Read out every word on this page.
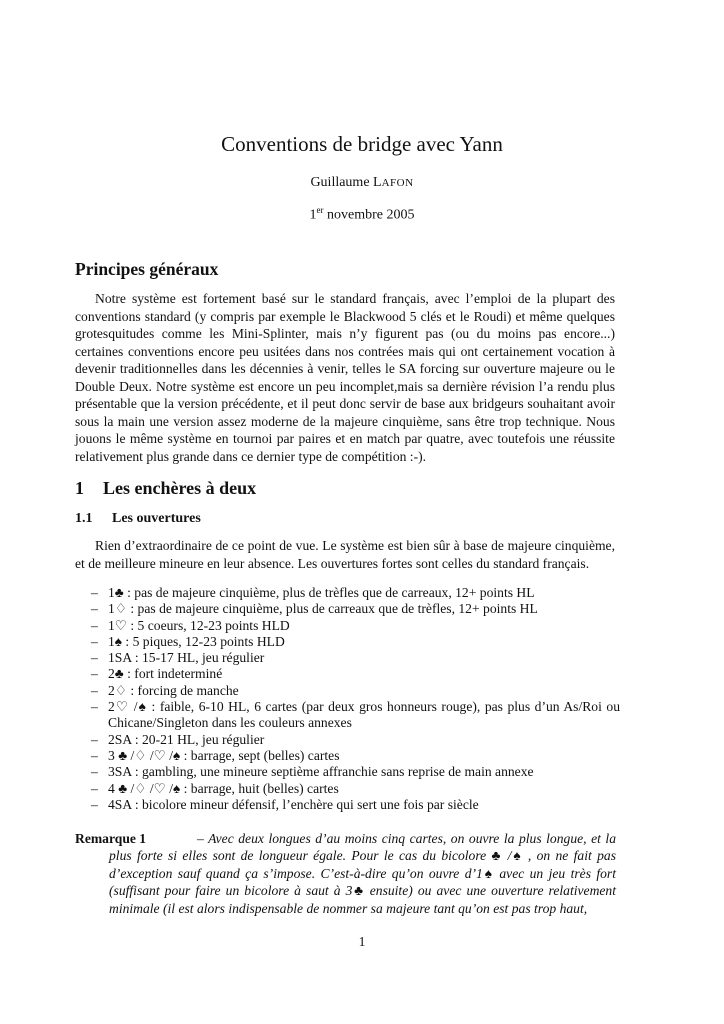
Conventions de bridge avec Yann
Guillaume LAFON
1er novembre 2005
Principes généraux

Notre système est fortement basé sur le standard français, avec l’emploi de la plupart des conventions standard (y compris par exemple le Blackwood 5 clés et le Roudi) et même quelques grotesquitudes comme les Mini-Splinter, mais n’y figurent pas (ou du moins pas encore...) certaines conventions encore peu usitées dans nos contrées mais qui ont certainement vocation à devenir traditionnelles dans les décennies à venir, telles le SA forcing sur ouverture majeure ou le Double Deux. Notre système est encore un peu incomplet,mais sa dernière révision l’a rendu plus présentable que la version précédente, et il peut donc servir de base aux bridgeurs souhaitant avoir sous la main une version assez moderne de la majeure cinquième, sans être trop technique. Nous jouons le même système en tournoi par paires et en match par quatre, avec toutefois une réussite relativement plus grande dans ce dernier type de compétition :-).

1 Les enchères à deux
1.1 Les ouvertures

Rien d’extraordinaire de ce point de vue. Le système est bien sûr à base de majeure cinquième, et de meilleure mineure en leur absence. Les ouvertures fortes sont celles du standard français.

– 1♣ : pas de majeure cinquième, plus de trèfles que de carreaux, 12+ points HL
– 1♢ : pas de majeure cinquième, plus de carreaux que de trèfles, 12+ points HL
– 1♡ : 5 coeurs, 12-23 points HLD
– 1♠ : 5 piques, 12-23 points HLD
– 1SA : 15-17 HL, jeu régulier
– 2♣ : fort indeterminé
– 2♢ : forcing de manche
– 2♡ /♠ : faible, 6-10 HL, 6 cartes (par deux gros honneurs rouge), pas plus d’un As/Roi ou Chicane/Singleton dans les couleurs annexes
– 2SA : 20-21 HL, jeu régulier
– 3 ♣ /♢ /♡ /♠ : barrage, sept (belles) cartes
– 3SA : gambling, une mineure septième affranchie sans reprise de main annexe
– 4 ♣ /♢ /♡ /♠ : barrage, huit (belles) cartes
– 4SA : bicolore mineur défensif, l’enchère qui sert une fois par siècle
Remarque 1	– Avec deux longues d’au moins cinq cartes, on ouvre la plus longue, et la plus forte si elles sont de longueur égale. Pour le cas du bicolore ♣ /♠ , on ne fait pas d’exception sauf quand ça s’impose. C’est-à-dire qu’on ouvre d’1♠ avec un jeu très fort (suffisant pour faire un bicolore à saut à 3♣ ensuite) ou avec une ouverture relativement minimale (il est alors indispensable de nommer sa majeure tant qu’on est pas trop haut,

1
